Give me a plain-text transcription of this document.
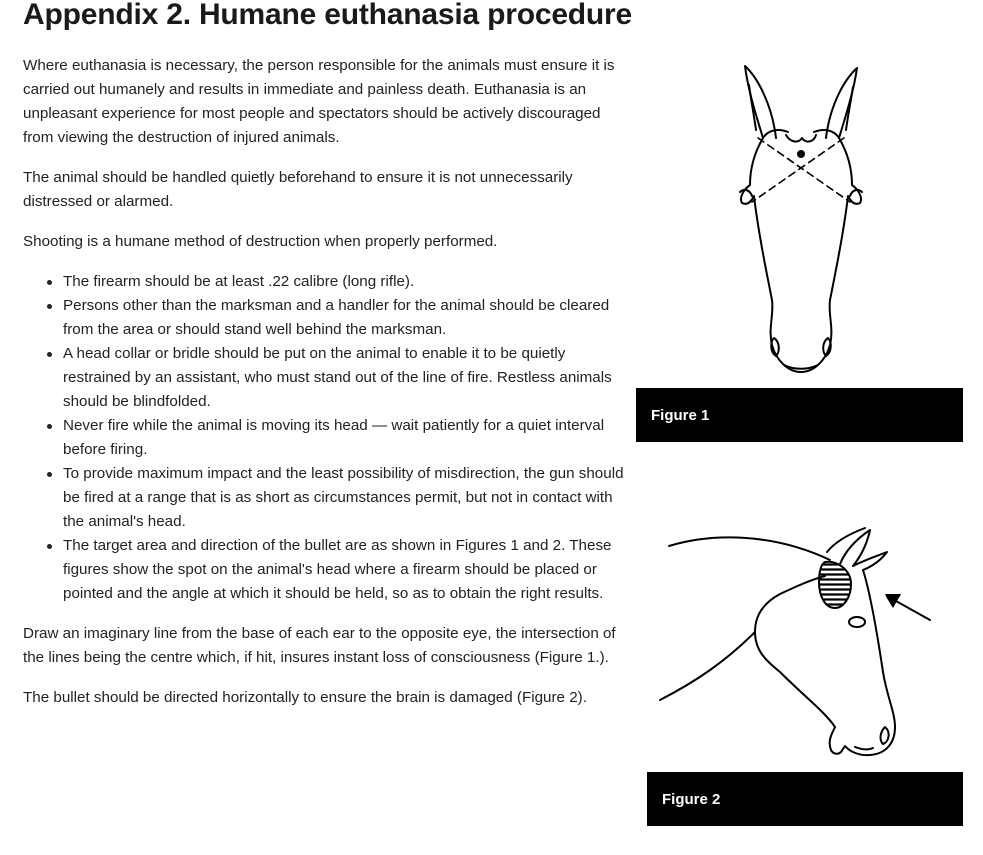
Appendix 2. Humane euthanasia procedure

Where euthanasia is necessary, the person responsible for the animals must ensure it is carried out humanely and results in immediate and painless death. Euthanasia is an unpleasant experience for most people and spectators should be actively discouraged from viewing the destruction of injured animals.

The animal should be handled quietly beforehand to ensure it is not unnecessarily distressed or alarmed.

Shooting is a humane method of destruction when properly performed.

The firearm should be at least .22 calibre (long rifle).
Persons other than the marksman and a handler for the animal should be cleared from the area or should stand well behind the marksman.
A head collar or bridle should be put on the animal to enable it to be quietly restrained by an assistant, who must stand out of the line of fire. Restless animals should be blindfolded.
Never fire while the animal is moving its head — wait patiently for a quiet interval before firing.
To provide maximum impact and the least possibility of misdirection, the gun should be fired at a range that is as short as circumstances permit, but not in contact with the animal's head.
The target area and direction of the bullet are as shown in Figures 1 and 2. These figures show the spot on the animal's head where a firearm should be placed or pointed and the angle at which it should be held, so as to obtain the right results.

Draw an imaginary line from the base of each ear to the opposite eye, the intersection of the lines being the centre which, if hit, insures instant loss of consciousness (Figure 1.).

The bullet should be directed horizontally to ensure the brain is damaged (Figure 2).

Figure 1
Figure 2
